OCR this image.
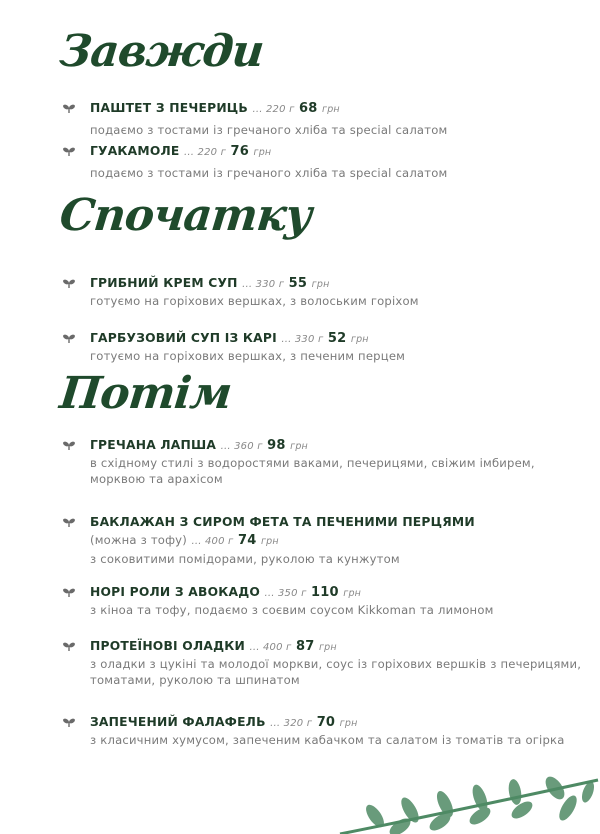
Завжди
Спочатку
Потім
ПАШТЕТ З ПЕЧЕРИЦЬ ... 220 г 68 грн
подаємо з тостами із гречаного хліба та special салатом
ГУАКАМОЛЕ ... 220 г 76 грн
подаємо з тостами із гречаного хліба та special салатом
ГРИБНИЙ КРЕМ СУП ... 330 г 55 грн
готуємо на горіхових вершках, з волоським горіхом
ГАРБУЗОВИЙ СУП ІЗ КАРІ ... 330 г 52 грн
готуємо на горіхових вершках, з печеним перцем
ГРЕЧАНА ЛАПША ... 360 г 98 грн
в східному стилі з водоростями ваками, печерицями, свіжим імбирем, морквою та арахісом
БАКЛАЖАН З СИРОМ ФЕТА ТА ПЕЧЕНИМИ ПЕРЦЯМИ
(можна з тофу) ... 400 г 74 грн
з соковитими помідорами, руколою та кунжутом
НОРІ РОЛИ З АВОКАДО ... 350 г 110 грн
з кіноа та тофу, подаємо з соєвим соусом Kikkoman та лимоном
ПРОТЕЇНОВІ ОЛАДКИ ... 400 г 87 грн
з оладки з цукіні та молодої моркви, соус із горіхових вершків з печерицями, томатами, руколою та шпинатом
ЗАПЕЧЕНИЙ ФАЛАФЕЛЬ ... 320 г 70 грн
з класичним хумусом, запеченим кабачком та салатом із томатів та огірка
